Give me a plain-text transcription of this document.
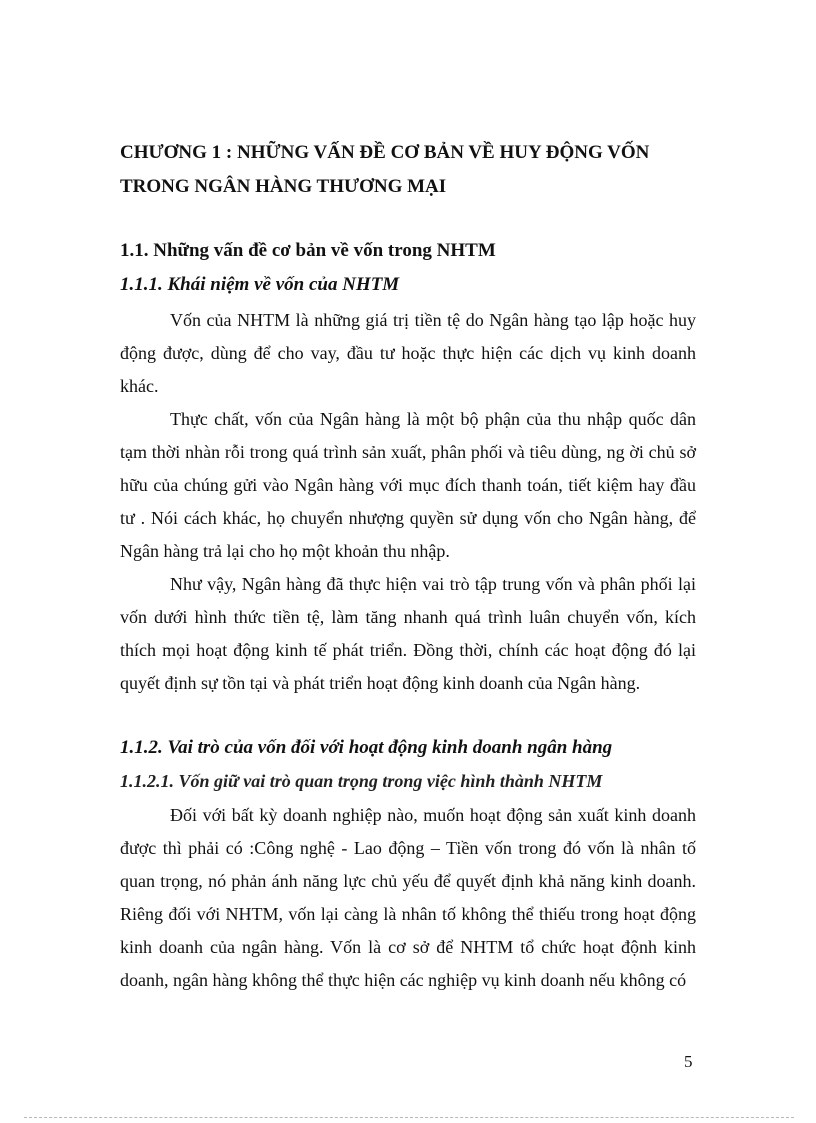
CHƯƠNG 1 : NHỮNG VẤN ĐỀ CƠ BẢN VỀ HUY ĐỘNG VỐN TRONG NGÂN HÀNG THƯƠNG MẠI
1.1. Những vấn đề cơ bản về vốn trong NHTM
1.1.1. Khái niệm về vốn của NHTM

Vốn của NHTM là những giá trị tiền tệ do Ngân hàng tạo lập hoặc huy động được, dùng để cho vay, đầu tư hoặc thực hiện các dịch vụ kinh doanh khác.

Thực chất, vốn của Ngân hàng là một bộ phận của thu nhập quốc dân tạm thời nhàn rỗi trong quá trình sản xuất, phân phối và tiêu dùng, ng ời chủ sở hữu của chúng gửi vào Ngân hàng với mục đích thanh toán, tiết kiệm hay đầu tư . Nói cách khác, họ chuyển nhượng quyền sử dụng vốn cho Ngân hàng, để Ngân hàng trả lại cho họ một khoản thu nhập.

Như vậy, Ngân hàng đã thực hiện vai trò tập trung vốn và phân phối lại vốn dưới hình thức tiền tệ, làm tăng nhanh quá trình luân chuyển vốn, kích thích mọi hoạt động kinh tế phát triển. Đồng thời, chính các hoạt động đó lại quyết định sự tồn tại và phát triển hoạt động kinh doanh của Ngân hàng.

1.1.2. Vai trò của vốn đối với hoạt động kinh doanh ngân hàng
1.1.2.1. Vốn giữ vai trò quan trọng trong việc hình thành NHTM

Đối với bất kỳ doanh nghiệp nào, muốn hoạt động sản xuất kinh doanh được thì phải có :Công nghệ - Lao động – Tiền vốn trong đó vốn là nhân tố quan trọng, nó phản ánh năng lực chủ yếu để quyết định khả năng kinh doanh. Riêng đối với NHTM, vốn lại càng là nhân tố không thể thiếu trong hoạt động kinh doanh của ngân hàng. Vốn là cơ sở để NHTM tổ chức hoạt độnh kinh doanh, ngân hàng không thể thực hiện các nghiệp vụ kinh doanh nếu không có

5
